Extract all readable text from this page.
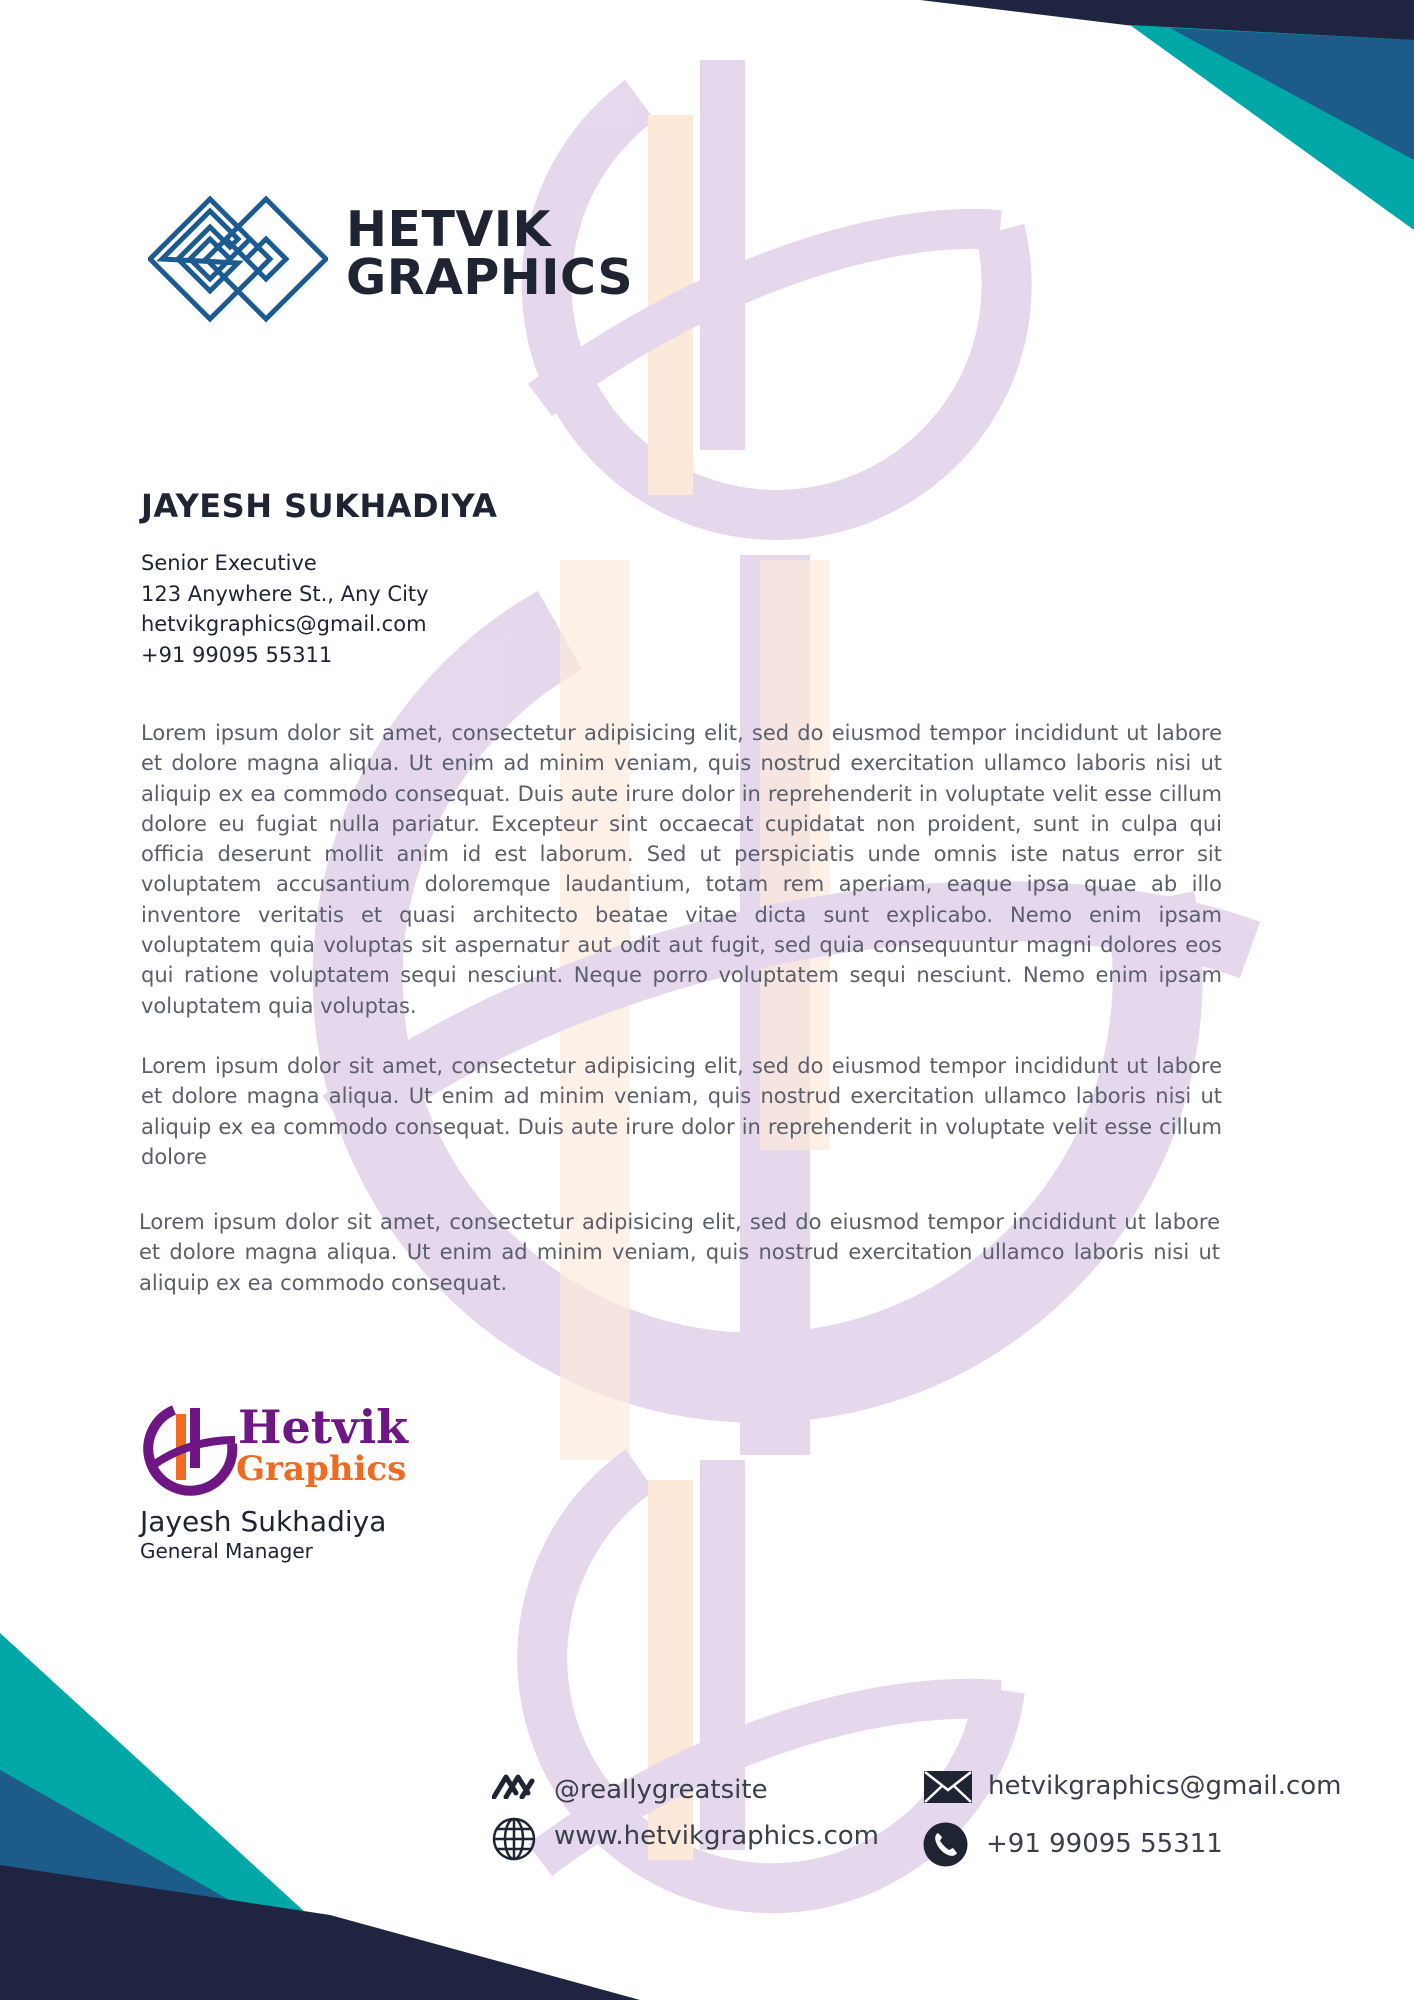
HETVIK
GRAPHICS
JAYESH SUKHADIYA
Senior Executive
123 Anywhere St., Any City
hetvikgraphics@gmail.com
+91 99095 55311
Lorem ipsum dolor sit amet, consectetur adipisicing elit, sed do eiusmod tempor incididunt ut labore et dolore magna aliqua. Ut enim ad minim veniam, quis nostrud exercitation ullamco laboris nisi ut aliquip ex ea commodo consequat. Duis aute irure dolor in reprehenderit in voluptate velit esse cillum dolore eu fugiat nulla pariatur. Excepteur sint occaecat cupidatat non proident, sunt in culpa qui officia deserunt mollit anim id est laborum. Sed ut perspiciatis unde omnis iste natus error sit voluptatem accusantium doloremque laudantium, totam rem aperiam, eaque ipsa quae ab illo inventore veritatis et quasi architecto beatae vitae dicta sunt explicabo. Nemo enim ipsam voluptatem quia voluptas sit aspernatur aut odit aut fugit, sed quia consequuntur magni dolores eos qui ratione voluptatem sequi nesciunt. Neque porro voluptatem sequi nesciunt. Nemo enim ipsam voluptatem quia voluptas.
Lorem ipsum dolor sit amet, consectetur adipisicing elit, sed do eiusmod tempor incididunt ut labore et dolore magna aliqua. Ut enim ad minim veniam, quis nostrud exercitation ullamco laboris nisi ut aliquip ex ea commodo consequat. Duis aute irure dolor in reprehenderit in voluptate velit esse cillum dolore
Lorem ipsum dolor sit amet, consectetur adipisicing elit, sed do eiusmod tempor incididunt ut labore et dolore magna aliqua. Ut enim ad minim veniam, quis nostrud exercitation ullamco laboris nisi ut aliquip ex ea commodo consequat.
Hetvik
Graphics
Jayesh Sukhadiya
General Manager
@reallygreatsite
www.hetvikgraphics.com
hetvikgraphics@gmail.com
+91 99095 55311
